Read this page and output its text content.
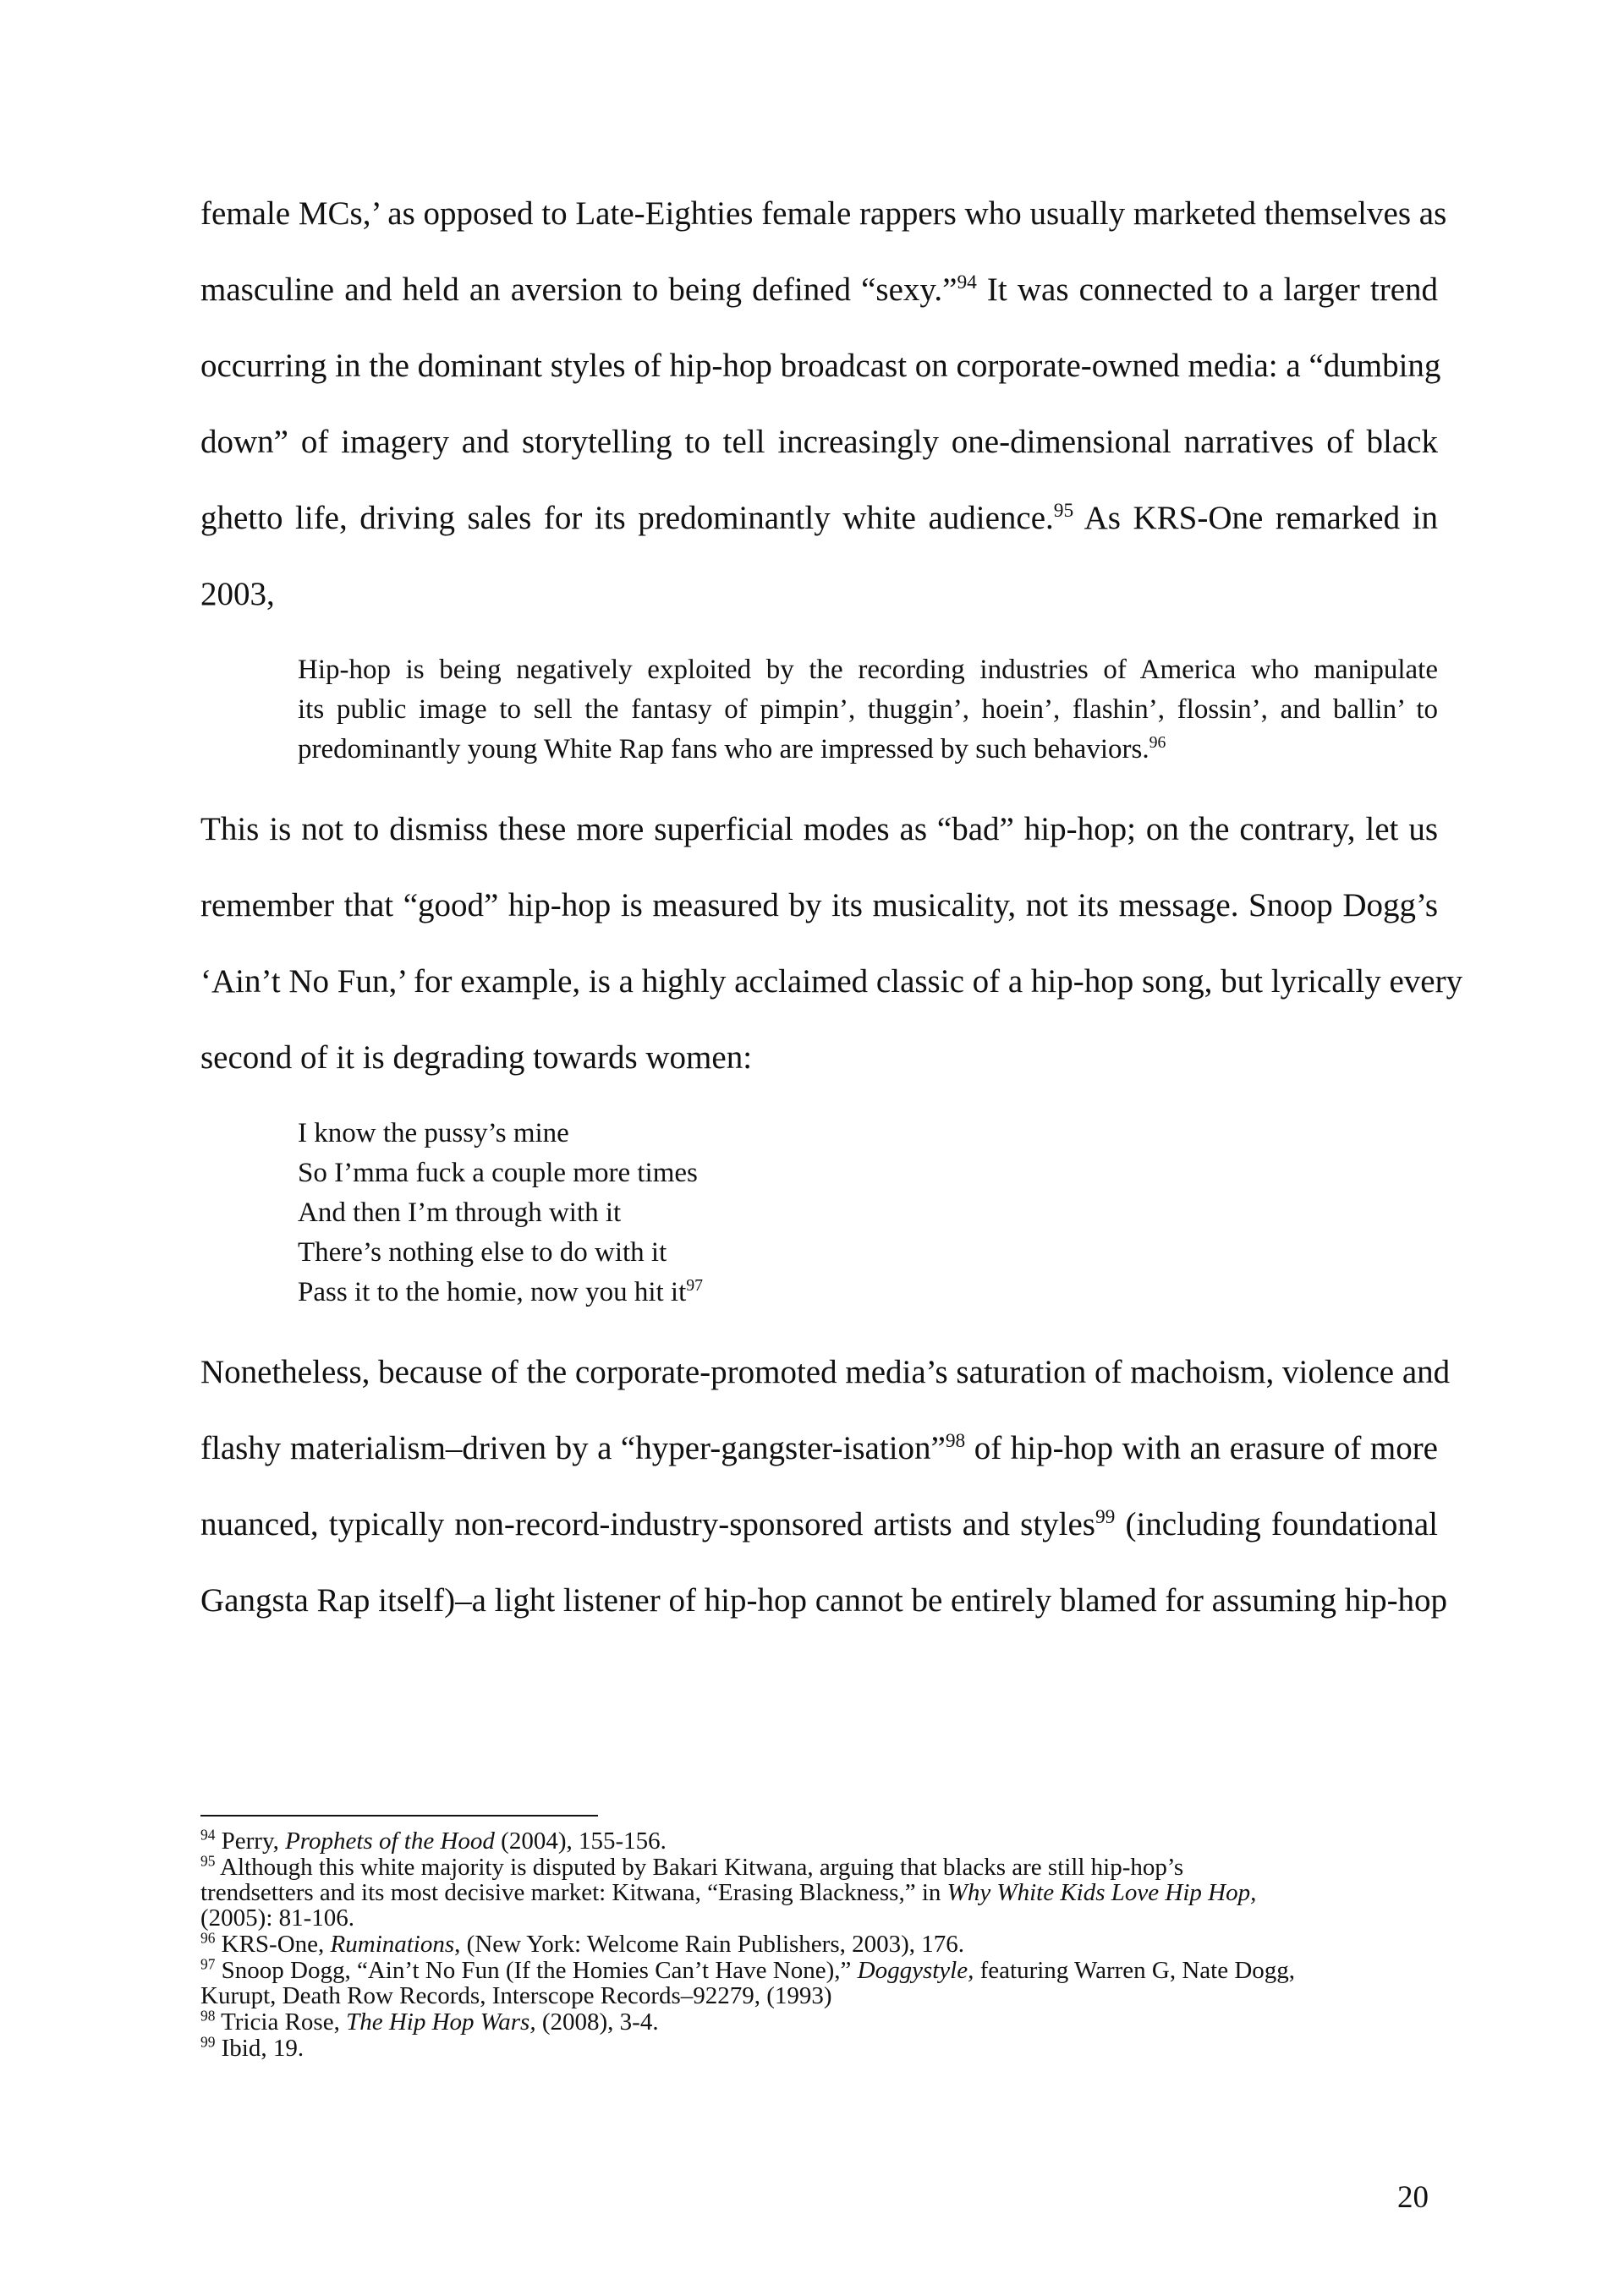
female MCs,’ as opposed to Late-Eighties female rappers who usually marketed themselves as
masculine and held an aversion to being defined “sexy.”$^{94}$ It was connected to a larger trend
occurring in the dominant styles of hip-hop broadcast on corporate-owned media: a “dumbing
down” of imagery and storytelling to tell increasingly one-dimensional narratives of black
ghetto life, driving sales for its predominantly white audience.$^{95}$ As KRS-One remarked in
2003,
Hip-hop is being negatively exploited by the recording industries of America who manipulate
its public image to sell the fantasy of pimpin’, thuggin’, hoein’, flashin’, flossin’, and ballin’ to
predominantly young White Rap fans who are impressed by such behaviors.$^{96}$
This is not to dismiss these more superficial modes as “bad” hip-hop; on the contrary, let us
remember that “good” hip-hop is measured by its musicality, not its message. Snoop Dogg’s
‘Ain’t No Fun,’ for example, is a highly acclaimed classic of a hip-hop song, but lyrically every
second of it is degrading towards women:
I know the pussy’s mine
So I’mma fuck a couple more times
And then I’m through with it
There’s nothing else to do with it
Pass it to the homie, now you hit $it^{97}$
Nonetheless, because of the corporate-promoted media’s saturation of machoism, violence and
flashy materialism–driven by a “hyper-gangster-isation”$^{98}$ of hip-hop with an erasure of more
nuanced, typically non-record-industry-sponsored artists and styles$^{99}$ (including foundational
Gangsta Rap itself)–a light listener of hip-hop cannot be entirely blamed for assuming hip-hop
$^{94}$ Perry, Prophets of the Hood (2004), 155-156.
$^{95}$ Although this white majority is disputed by Bakari Kitwana, arguing that blacks are still hip-hop’s
trendsetters and its most decisive market: Kitwana, “Erasing Blackness,” in Why White Kids Love Hip Hop,
(2005): 81-106.
$^{96}$ KRS-One, Ruminations, (New York: Welcome Rain Publishers, 2003), 176.
$^{97}$ Snoop Dogg, “Ain’t No Fun (If the Homies Can’t Have None),” Doggystyle, featuring Warren G, Nate Dogg,
Kurupt, Death Row Records, Interscope Records–92279, (1993)
$^{98}$ Tricia Rose, The Hip Hop Wars, (2008), 3-4.
$^{99}$ Ibid, 19.
20
